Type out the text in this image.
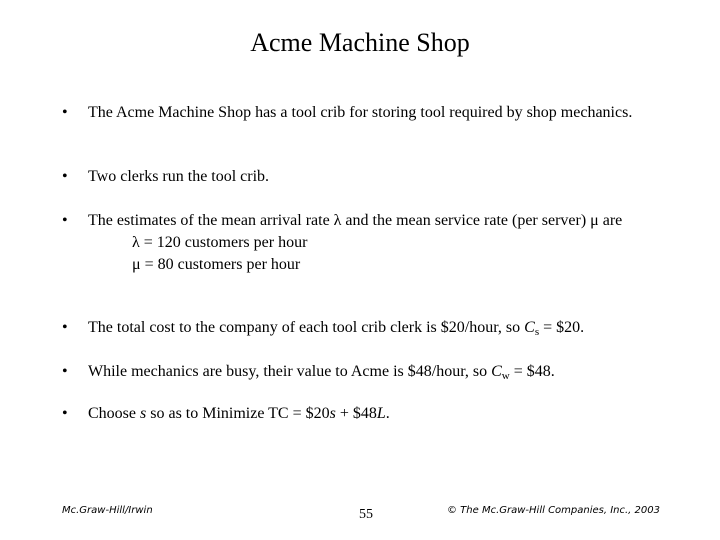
Acme Machine Shop
• The Acme Machine Shop has a tool crib for storing tool required by shop mechanics.
• Two clerks run the tool crib.
• The estimates of the mean arrival rate λ and the mean service rate (per server) μ are
λ = 120 customers per hour
μ = 80 customers per hour
• The total cost to the company of each tool crib clerk is $20/hour, so $C_s$ = $20.
• While mechanics are busy, their value to Acme is $48/hour, so $C_w$ = $48.
• Choose s so as to Minimize TC = $20s + $48L.
Mc.Graw-Hill/Irwin	55	© The Mc.Graw-Hill Companies, Inc., 2003
